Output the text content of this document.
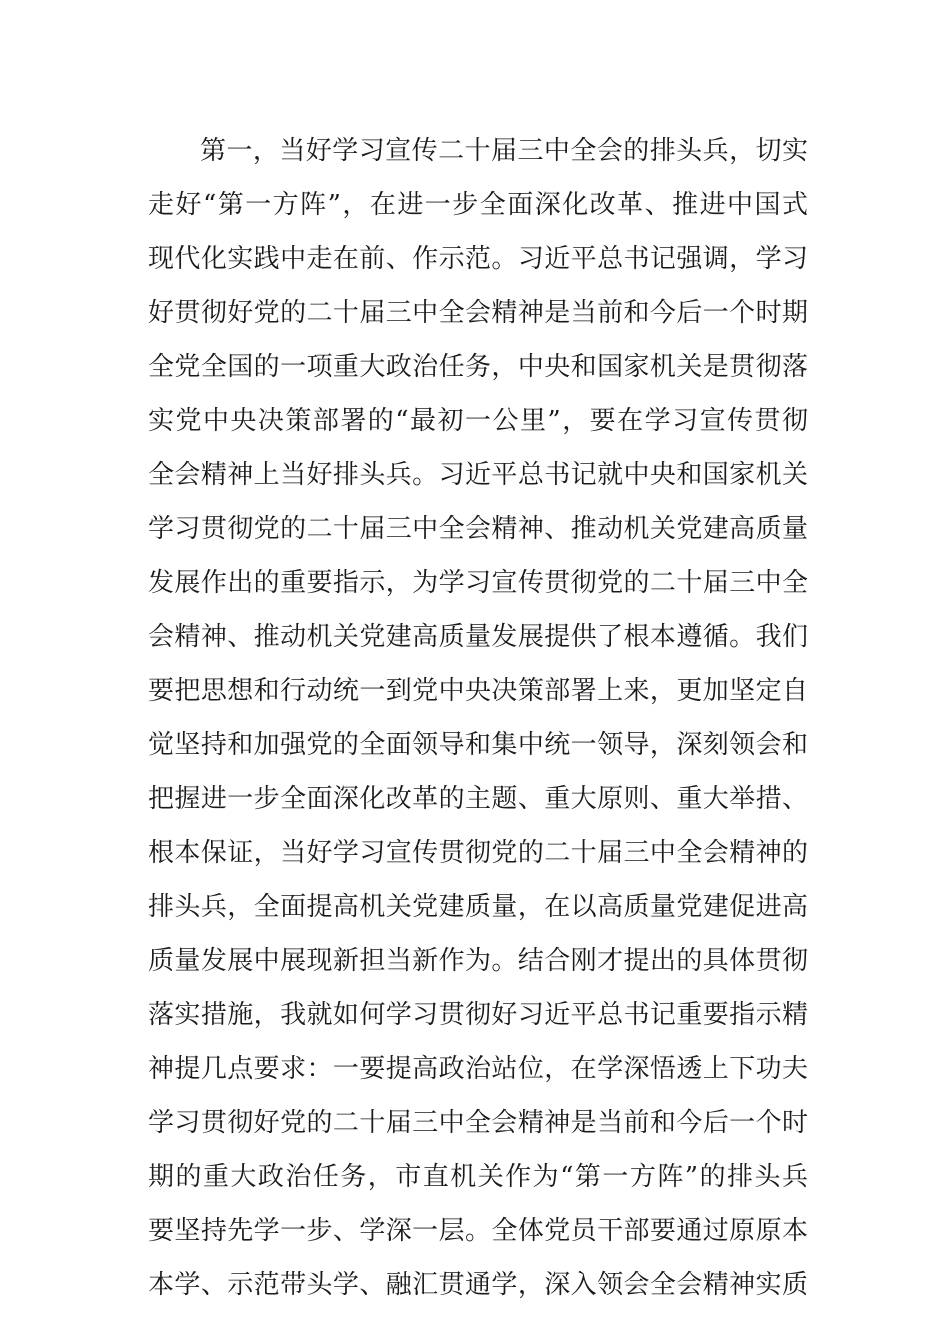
第一，当好学习宣传二十届三中全会的排头兵，切实
走好“第一方阵”，在进一步全面深化改革、推进中国式
现代化实践中走在前、作示范。习近平总书记强调，学习
好贯彻好党的二十届三中全会精神是当前和今后一个时期
全党全国的一项重大政治任务，中央和国家机关是贯彻落
实党中央决策部署的“最初一公里”，要在学习宣传贯彻
全会精神上当好排头兵。习近平总书记就中央和国家机关
学习贯彻党的二十届三中全会精神、推动机关党建高质量
发展作出的重要指示，为学习宣传贯彻党的二十届三中全
会精神、推动机关党建高质量发展提供了根本遵循。我们
要把思想和行动统一到党中央决策部署上来，更加坚定自
觉坚持和加强党的全面领导和集中统一领导，深刻领会和
把握进一步全面深化改革的主题、重大原则、重大举措、
根本保证，当好学习宣传贯彻党的二十届三中全会精神的
排头兵，全面提高机关党建质量，在以高质量党建促进高
质量发展中展现新担当新作为。结合刚才提出的具体贯彻
落实措施，我就如何学习贯彻好习近平总书记重要指示精
神提几点要求：一要提高政治站位，在学深悟透上下功夫
学习贯彻好党的二十届三中全会精神是当前和今后一个时
期的重大政治任务，市直机关作为“第一方阵”的排头兵
要坚持先学一步、学深一层。全体党员干部要通过原原本
本学、示范带头学、融汇贯通学，深入领会全会精神实质
